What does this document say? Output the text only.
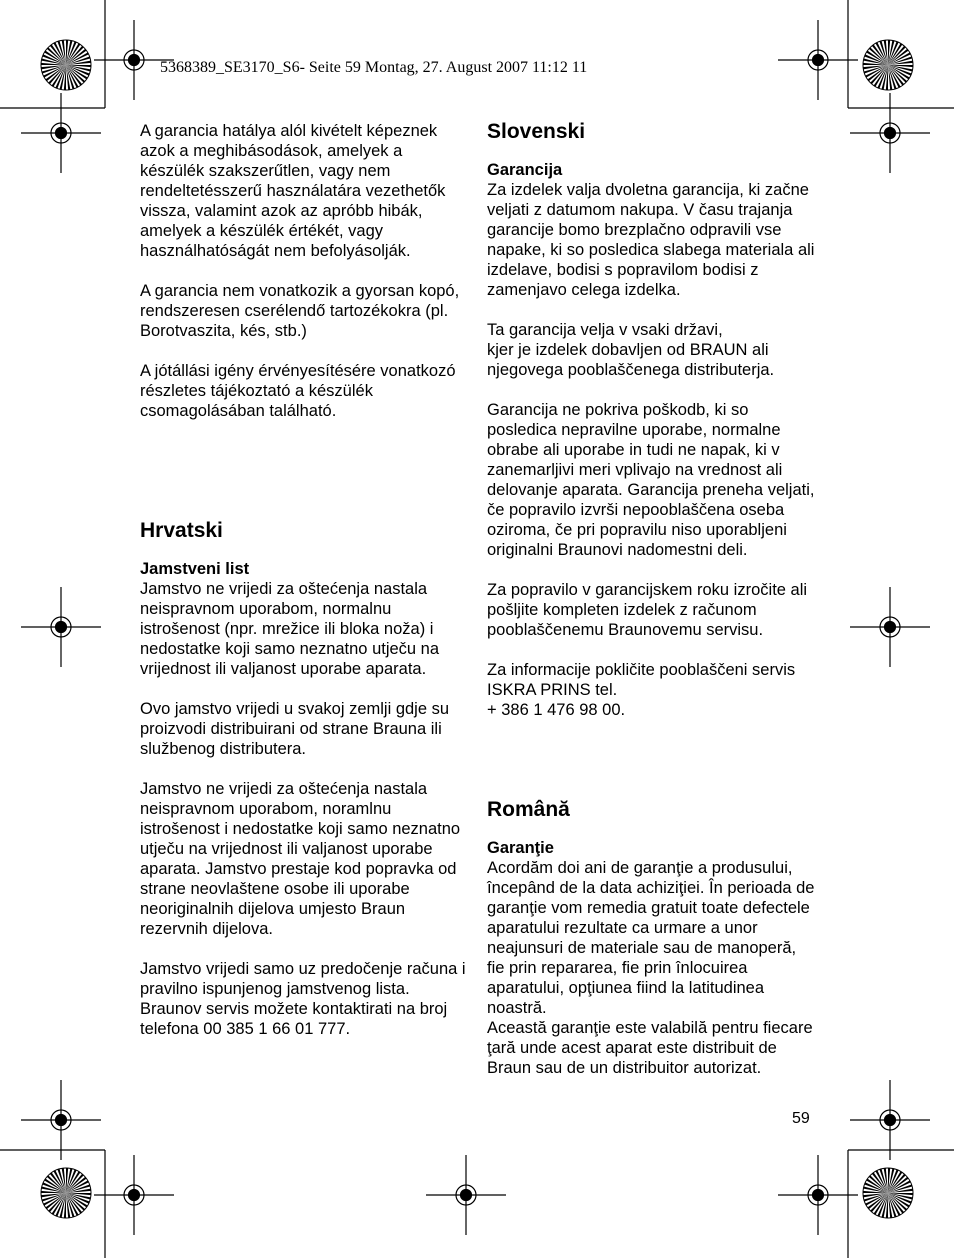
5368389_SE3170_S6- Seite 59 Montag, 27. August 2007 11:12 11

A garancia hatálya alól kivételt képeznek azok a meghibásodások, amelyek a készülék szakszerűtlen, vagy nem rendeltetésszerű használatára vezethetők vissza, valamint azok az apróbb hibák, amelyek a készülék értékét, vagy használhatóságát nem befolyásolják.

A garancia nem vonatkozik a gyorsan kopó, rendszeresen cserélendő tartozékokra (pl. Borotvaszita, kés, stb.)

A jótállási igény érvényesítésére vonatkozó részletes tájékoztató a készülék csomagolásában található.

Hrvatski
Jamstveni list

Jamstvo ne vrijedi za oštećenja nastala neispravnom uporabom, normalnu istrošenost (npr. mrežice ili bloka noža) i nedostatke koji samo neznatno utječu na vrijednost ili valjanost uporabe aparata.

Ovo jamstvo vrijedi u svakoj zemlji gdje su proizvodi distribuirani od strane Brauna ili službenog distributera.

Jamstvo ne vrijedi za oštećenja nastala neispravnom uporabom, noramlnu istrošenost i nedostatke koji samo neznatno utječu na vrijednost ili valjanost uporabe aparata. Jamstvo prestaje kod popravka od strane neovlaštene osobe ili uporabe neoriginalnih dijelova umjesto Braun rezervnih dijelova.

Jamstvo vrijedi samo uz predočenje računa i pravilno ispunjenog jamstvenog lista.
Braunov servis možete kontaktirati na broj telefona 00 385 1 66 01 777.

Slovenski
Garancija

Za izdelek valja dvoletna garancija, ki začne veljati z datumom nakupa. V času trajanja garancije bomo brezplačno odpravili vse napake, ki so posledica slabega materiala ali izdelave, bodisi s popravilom bodisi z zamenjavo celega izdelka.

Ta garancija velja v vsaki državi,
kjer je izdelek dobavljen od BRAUN ali njegovega pooblaščenega distributerja.

Garancija ne pokriva poškodb, ki so posledica nepravilne uporabe, normalne obrabe ali uporabe in tudi ne napak, ki v zanemarljivi meri vplivajo na vrednost ali delovanje aparata. Garancija preneha veljati, če popravilo izvrši nepooblaščena oseba oziroma, če pri popravilu niso uporabljeni originalni Braunovi nadomestni deli.

Za popravilo v garancijskem roku izročite ali pošljite kompleten izdelek z računom pooblaščenemu Braunovemu servisu.

Za informacije pokličite pooblaščeni servis ISKRA PRINS tel.
+ 386 1 476 98 00.

Română
Garanţie

Acordăm doi ani de garanţie a produsului, începând de la data achiziţiei. În perioada de garanţie vom remedia gratuit toate defectele aparatului rezultate ca urmare a unor neajunsuri de materiale sau de manoperă, fie prin repararea, fie prin înlocuirea aparatului, opţiunea fiind la latitudinea noastră.
Această garanţie este valabilă pentru fiecare ţară unde acest aparat este distribuit de Braun sau de un distribuitor autorizat.

59
